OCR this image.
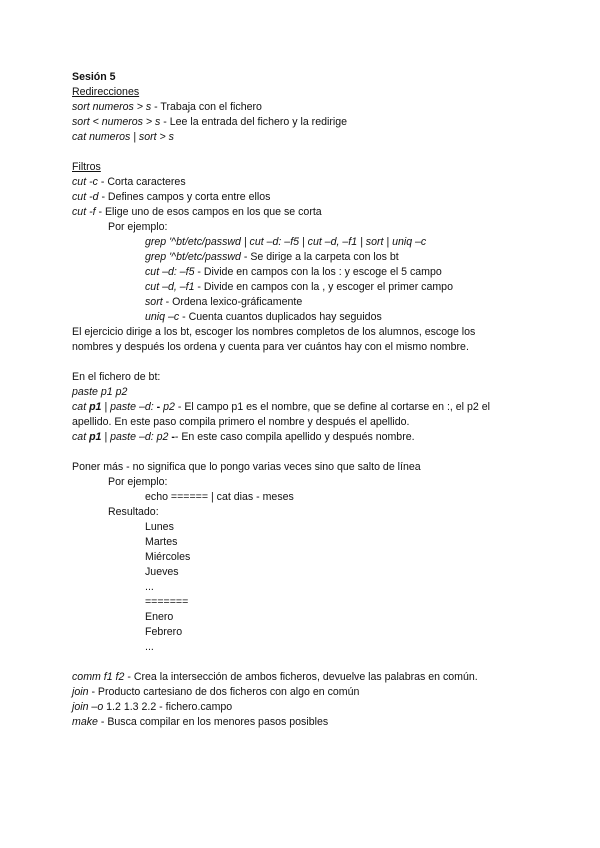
Sesión 5
Redirecciones
sort numeros > s - Trabaja con el fichero
sort < numeros > s - Lee la entrada del fichero y la redirige
cat numeros | sort > s
Filtros
cut -c - Corta caracteres
cut -d - Defines campos y corta entre ellos
cut -f - Elige uno de esos campos en los que se corta
Por ejemplo:
grep '^bt/etc/passwd | cut –d: –f5 | cut –d, –f1 | sort | uniq –c
grep '^bt/etc/passwd - Se dirige a la carpeta con los bt
cut –d: –f5 - Divide en campos con la los : y escoge el 5 campo
cut –d, –f1 - Divide en campos con la , y escoger el primer campo
sort - Ordena lexico-gráficamente
uniq –c - Cuenta cuantos duplicados hay seguidos
El ejercicio dirige a los bt, escoger los nombres completos de los alumnos, escoge los
nombres y después los ordena y cuenta para ver cuántos hay con el mismo nombre.
En el fichero de bt:
paste p1 p2
cat p1 | paste –d: - p2 - El campo p1 es el nombre, que se define al cortarse en :, el p2 el
apellido. En este paso compila primero el nombre y después el apellido.
cat p1 | paste –d: p2 -- En este caso compila apellido y después nombre.
Poner más - no significa que lo pongo varias veces sino que salto de línea
Por ejemplo:
echo ====== | cat dias - meses
Resultado:
Lunes
Martes
Miércoles
Jueves
...
=======
Enero
Febrero
...
comm f1 f2 - Crea la intersección de ambos ficheros, devuelve las palabras en común.
join - Producto cartesiano de dos ficheros con algo en común
join –o 1.2 1.3 2.2 - fichero.campo
make - Busca compilar en los menores pasos posibles
